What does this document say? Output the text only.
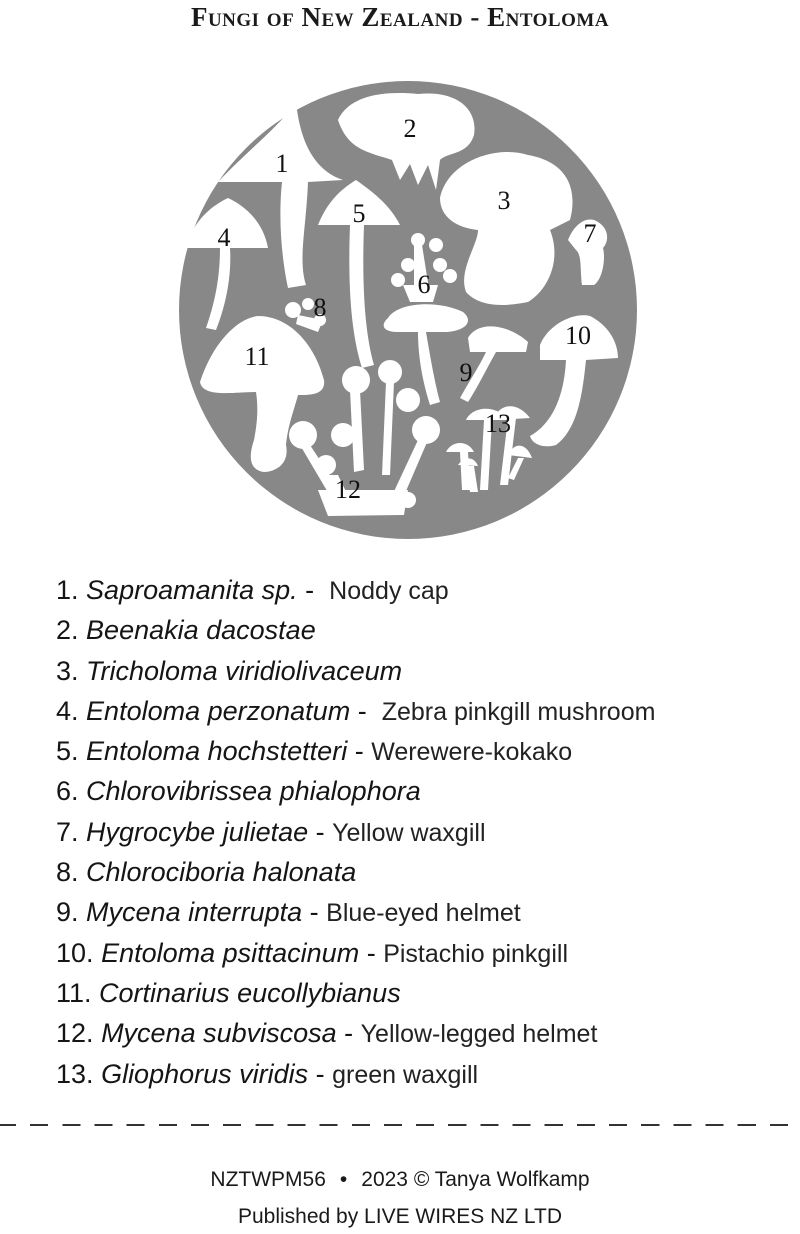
Fungi of New Zealand - Entoloma
1
2
3
4
5
6
7
8
9
10
11
12
13
1. Saproamanita sp. -  Noddy cap
2. Beenakia dacostae
3. Tricholoma viridiolivaceum
4. Entoloma perzonatum -  Zebra pinkgill mushroom
5. Entoloma hochstetteri - Werewere-kokako
6. Chlorovibrissea phialophora
7. Hygrocybe julietae - Yellow waxgill
8. Chlorociboria halonata
9. Mycena interrupta - Blue-eyed helmet
10. Entoloma psittacinum - Pistachio pinkgill
11. Cortinarius eucollybianus
12. Mycena subviscosa - Yellow-legged helmet
13. Gliophorus viridis - green waxgill
NZTWPM56 • 2023 © Tanya Wolfkamp
Published by LIVE WIRES NZ LTD
